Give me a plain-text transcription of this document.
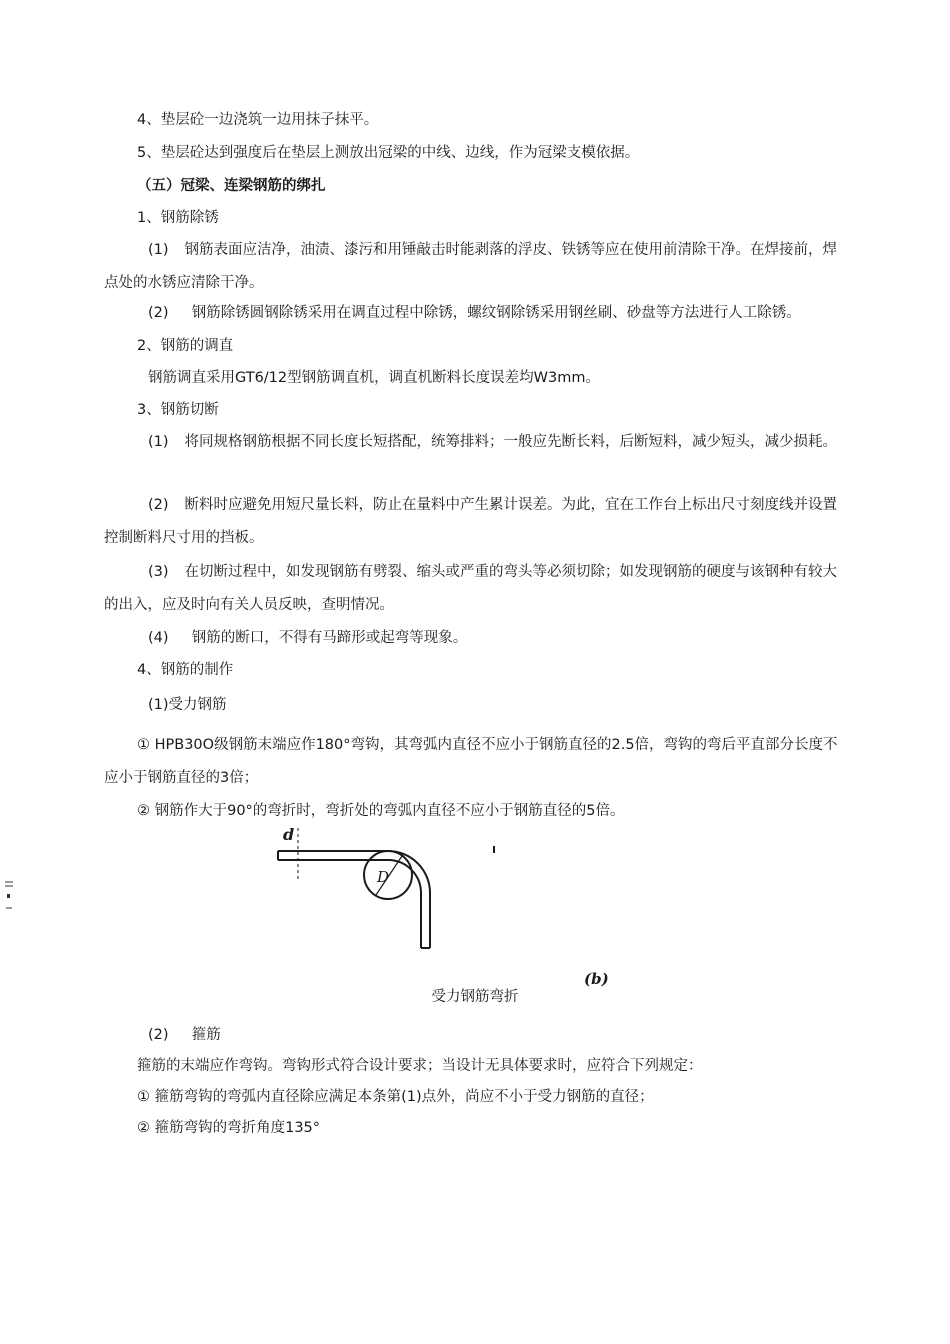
4、垫层砼一边浇筑一边用抹子抹平。
5、垫层砼达到强度后在垫层上测放出冠梁的中线、边线，作为冠梁支模依据。
（五）冠梁、连梁钢筋的绑扎
1、钢筋除锈
(1) 钢筋表面应洁净，油渍、漆污和用锤敲击时能剥落的浮皮、铁锈等应在使用前清除干净。在焊接前，焊点处的水锈应清除干净。
(2) 钢筋除锈圆钢除锈采用在调直过程中除锈，螺纹钢除锈采用钢丝刷、砂盘等方法进行人工除锈。
2、钢筋的调直
钢筋调直采用GT6/12型钢筋调直机，调直机断料长度误差均W3mm。
3、钢筋切断
(1) 将同规格钢筋根据不同长度长短搭配，统筹排料；一般应先断长料，后断短料，减少短头，减少损耗。
(2) 断料时应避免用短尺量长料，防止在量料中产生累计误差。为此，宜在工作台上标出尺寸刻度线并设置控制断料尺寸用的挡板。
(3) 在切断过程中，如发现钢筋有劈裂、缩头或严重的弯头等必须切除；如发现钢筋的硬度与该钢种有较大的出入，应及时向有关人员反映，查明情况。
(4) 钢筋的断口，不得有马蹄形或起弯等现象。
4、钢筋的制作
(1)受力钢筋
① HPB30O级钢筋末端应作180°弯钩，其弯弧内直径不应小于钢筋直径的2.5倍，弯钩的弯后平直部分长度不应小于钢筋直径的3倍；
② 钢筋作大于90°的弯折时，弯折处的弯弧内直径不应小于钢筋直径的5倍。
d
D
(b)
受力钢筋弯折
(2) 箍筋
箍筋的末端应作弯钩。弯钩形式符合设计要求；当设计无具体要求时，应符合下列规定：
① 箍筋弯钩的弯弧内直径除应满足本条第(1)点外，尚应不小于受力钢筋的直径；
② 箍筋弯钩的弯折角度135°
